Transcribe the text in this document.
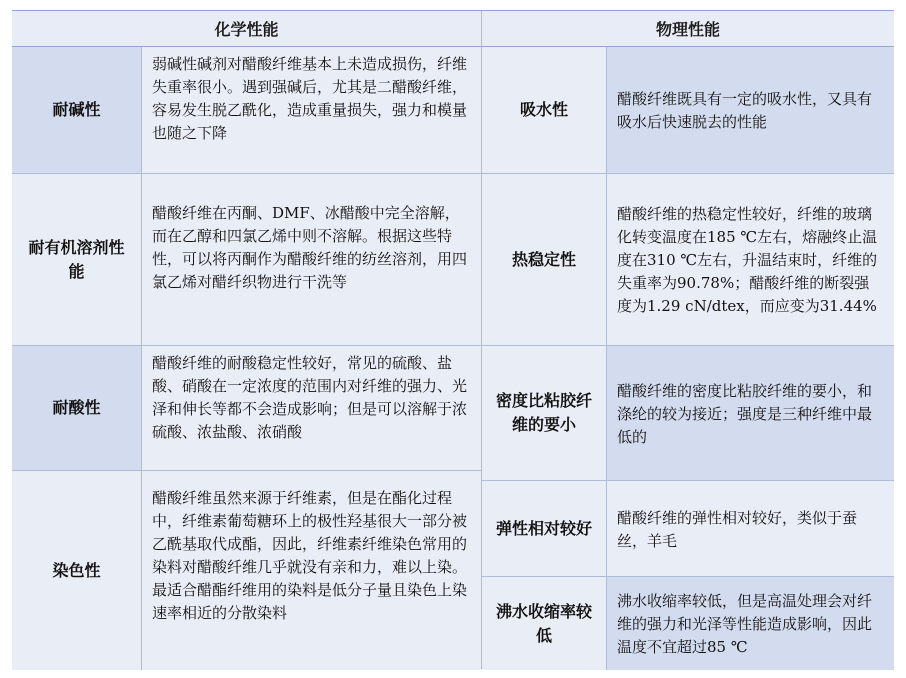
化学性能
耐碱性
弱碱性碱剂对醋酸纤维基本上未造成损伤，纤维失重率很小。遇到强碱后，尤其是二醋酸纤维，容易发生脱乙酰化，造成重量损失，强力和模量也随之下降
耐有机溶剂性能
醋酸纤维在丙酮、DMF、冰醋酸中完全溶解，而在乙醇和四氯乙烯中则不溶解。根据这些特性，可以将丙酮作为醋酸纤维的纺丝溶剂，用四氯乙烯对醋纤织物进行干洗等
耐酸性
醋酸纤维的耐酸稳定性较好，常见的硫酸、盐酸、硝酸在一定浓度的范围内对纤维的强力、光泽和伸长等都不会造成影响；但是可以溶解于浓硫酸、浓盐酸、浓硝酸
染色性
醋酸纤维虽然来源于纤维素，但是在酯化过程中，纤维素葡萄糖环上的极性羟基很大一部分被乙酰基取代成酯，因此，纤维素纤维染色常用的染料对醋酸纤维几乎就没有亲和力，难以上染。最适合醋酯纤维用的染料是低分子量且染色上染速率相近的分散染料
物理性能
吸水性
醋酸纤维既具有一定的吸水性，又具有吸水后快速脱去的性能
热稳定性
醋酸纤维的热稳定性较好，纤维的玻璃化转变温度在185 ℃左右，熔融终止温度在310 ℃左右，升温结束时，纤维的失重率为90.78%；醋酸纤维的断裂强度为1.29 cN/dtex，而应变为31.44%
密度比粘胶纤维的要小
醋酸纤维的密度比粘胶纤维的要小，和涤纶的较为接近；强度是三种纤维中最低的
弹性相对较好
醋酸纤维的弹性相对较好，类似于蚕丝，羊毛
沸水收缩率较低
沸水收缩率较低，但是高温处理会对纤维的强力和光泽等性能造成影响，因此温度不宜超过85 ℃
